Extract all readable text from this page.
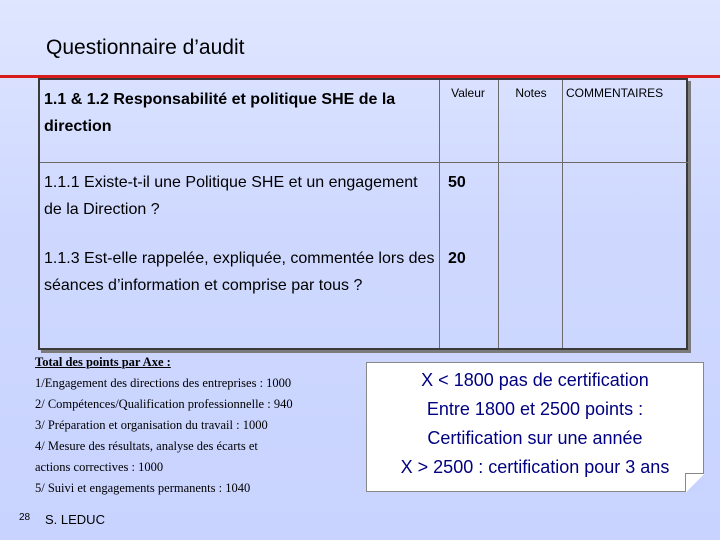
Questionnaire d’audit
1.1 & 1.2 Responsabilité et politique SHE de la direction
Valeur	Notes	COMMENTAIRES
1.1.1 Existe-t-il une Politique SHE et un engagement de la Direction ?
50
1.1.3 Est-elle rappelée, expliquée, commentée lors des séances d’information et comprise par tous ?
20
Total des points par Axe :
1/Engagement des directions des entreprises : 1000
2/ Compétences/Qualification professionnelle : 940
3/ Préparation et organisation du travail : 1000
4/ Mesure des résultats, analyse des écarts et
actions correctives : 1000
5/ Suivi et engagements permanents : 1040
X < 1800 pas de certification
Entre 1800 et 2500 points :
Certification sur une année
X > 2500 : certification pour 3 ans
28 S. LEDUC
